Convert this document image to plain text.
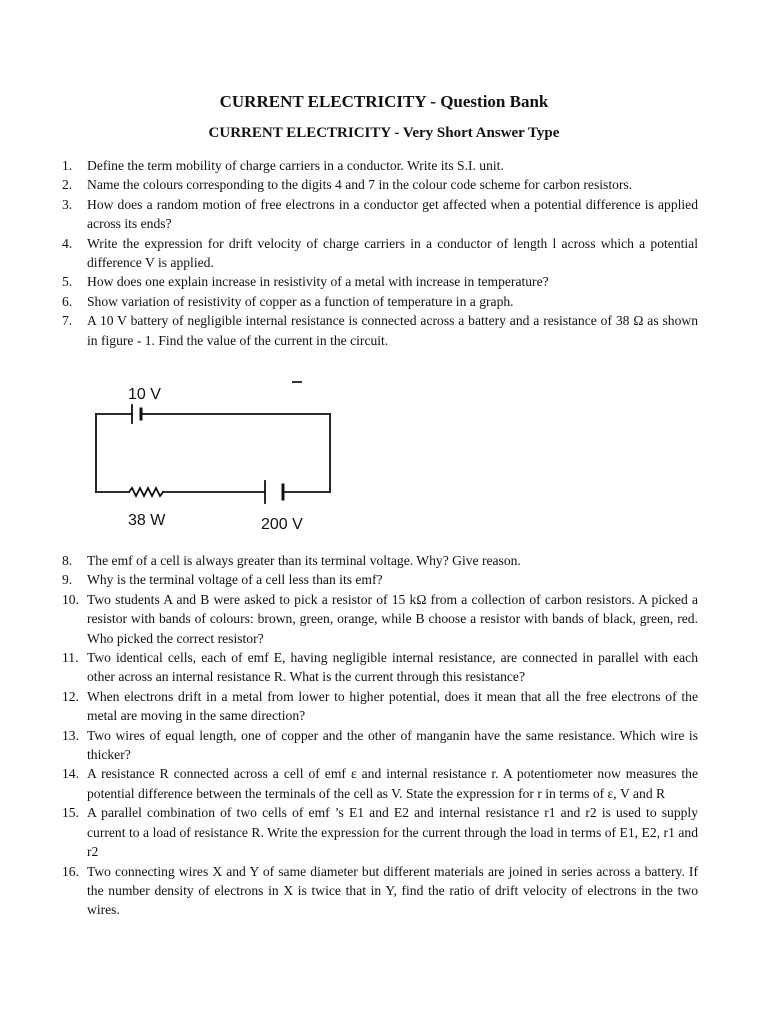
CURRENT ELECTRICITY - Question Bank
CURRENT ELECTRICITY - Very Short Answer Type
1.	Define the term mobility of charge carriers in a conductor. Write its S.I. unit.
2.	Name the colours corresponding to the digits 4 and 7 in the colour code scheme for carbon resistors.
3.	How does a random motion of free electrons in a conductor get affected when a potential difference is applied across its ends?
4.	Write the expression for drift velocity of charge carriers in a conductor of length l across which a potential difference V is applied.
5.	How does one explain increase in resistivity of a metal with increase in temperature?
6.	Show variation of resistivity of copper as a function of temperature in a graph.
7.	A 10 V battery of negligible internal resistance is connected across a battery and a resistance of 38 Ω as shown in figure - 1. Find the value of the current in the circuit.
10 V
38 W	200 V
8.	The emf of a cell is always greater than its terminal voltage. Why? Give reason.
9.	Why is the terminal voltage of a cell less than its emf?
10. Two students A and B were asked to pick a resistor of 15 kΩ from a collection of carbon resistors. A picked a resistor with bands of colours: brown, green, orange, while B choose a resistor with bands of black, green, red. Who picked the correct resistor?
11. Two identical cells, each of emf E, having negligible internal resistance, are connected in parallel with each other across an internal resistance R. What is the current through this resistance?
12. When electrons drift in a metal from lower to higher potential, does it mean that all the free electrons of the metal are moving in the same direction?
13. Two wires of equal length, one of copper and the other of manganin have the same resistance. Which wire is thicker?
14. A resistance R connected across a cell of emf ε and internal resistance r. A potentiometer now measures the potential difference between the terminals of the cell as V. State the expression for r in terms of ε, V and R
15. A parallel combination of two cells of emf ’s E1 and E2 and internal resistance r1 and r2 is used to supply current to a load of resistance R. Write the expression for the current through the load in terms of E1, E2, r1 and r2
16. Two connecting wires X and Y of same diameter but different materials are joined in series across a battery. If the number density of electrons in X is twice that in Y, find the ratio of drift velocity of electrons in the two wires.
